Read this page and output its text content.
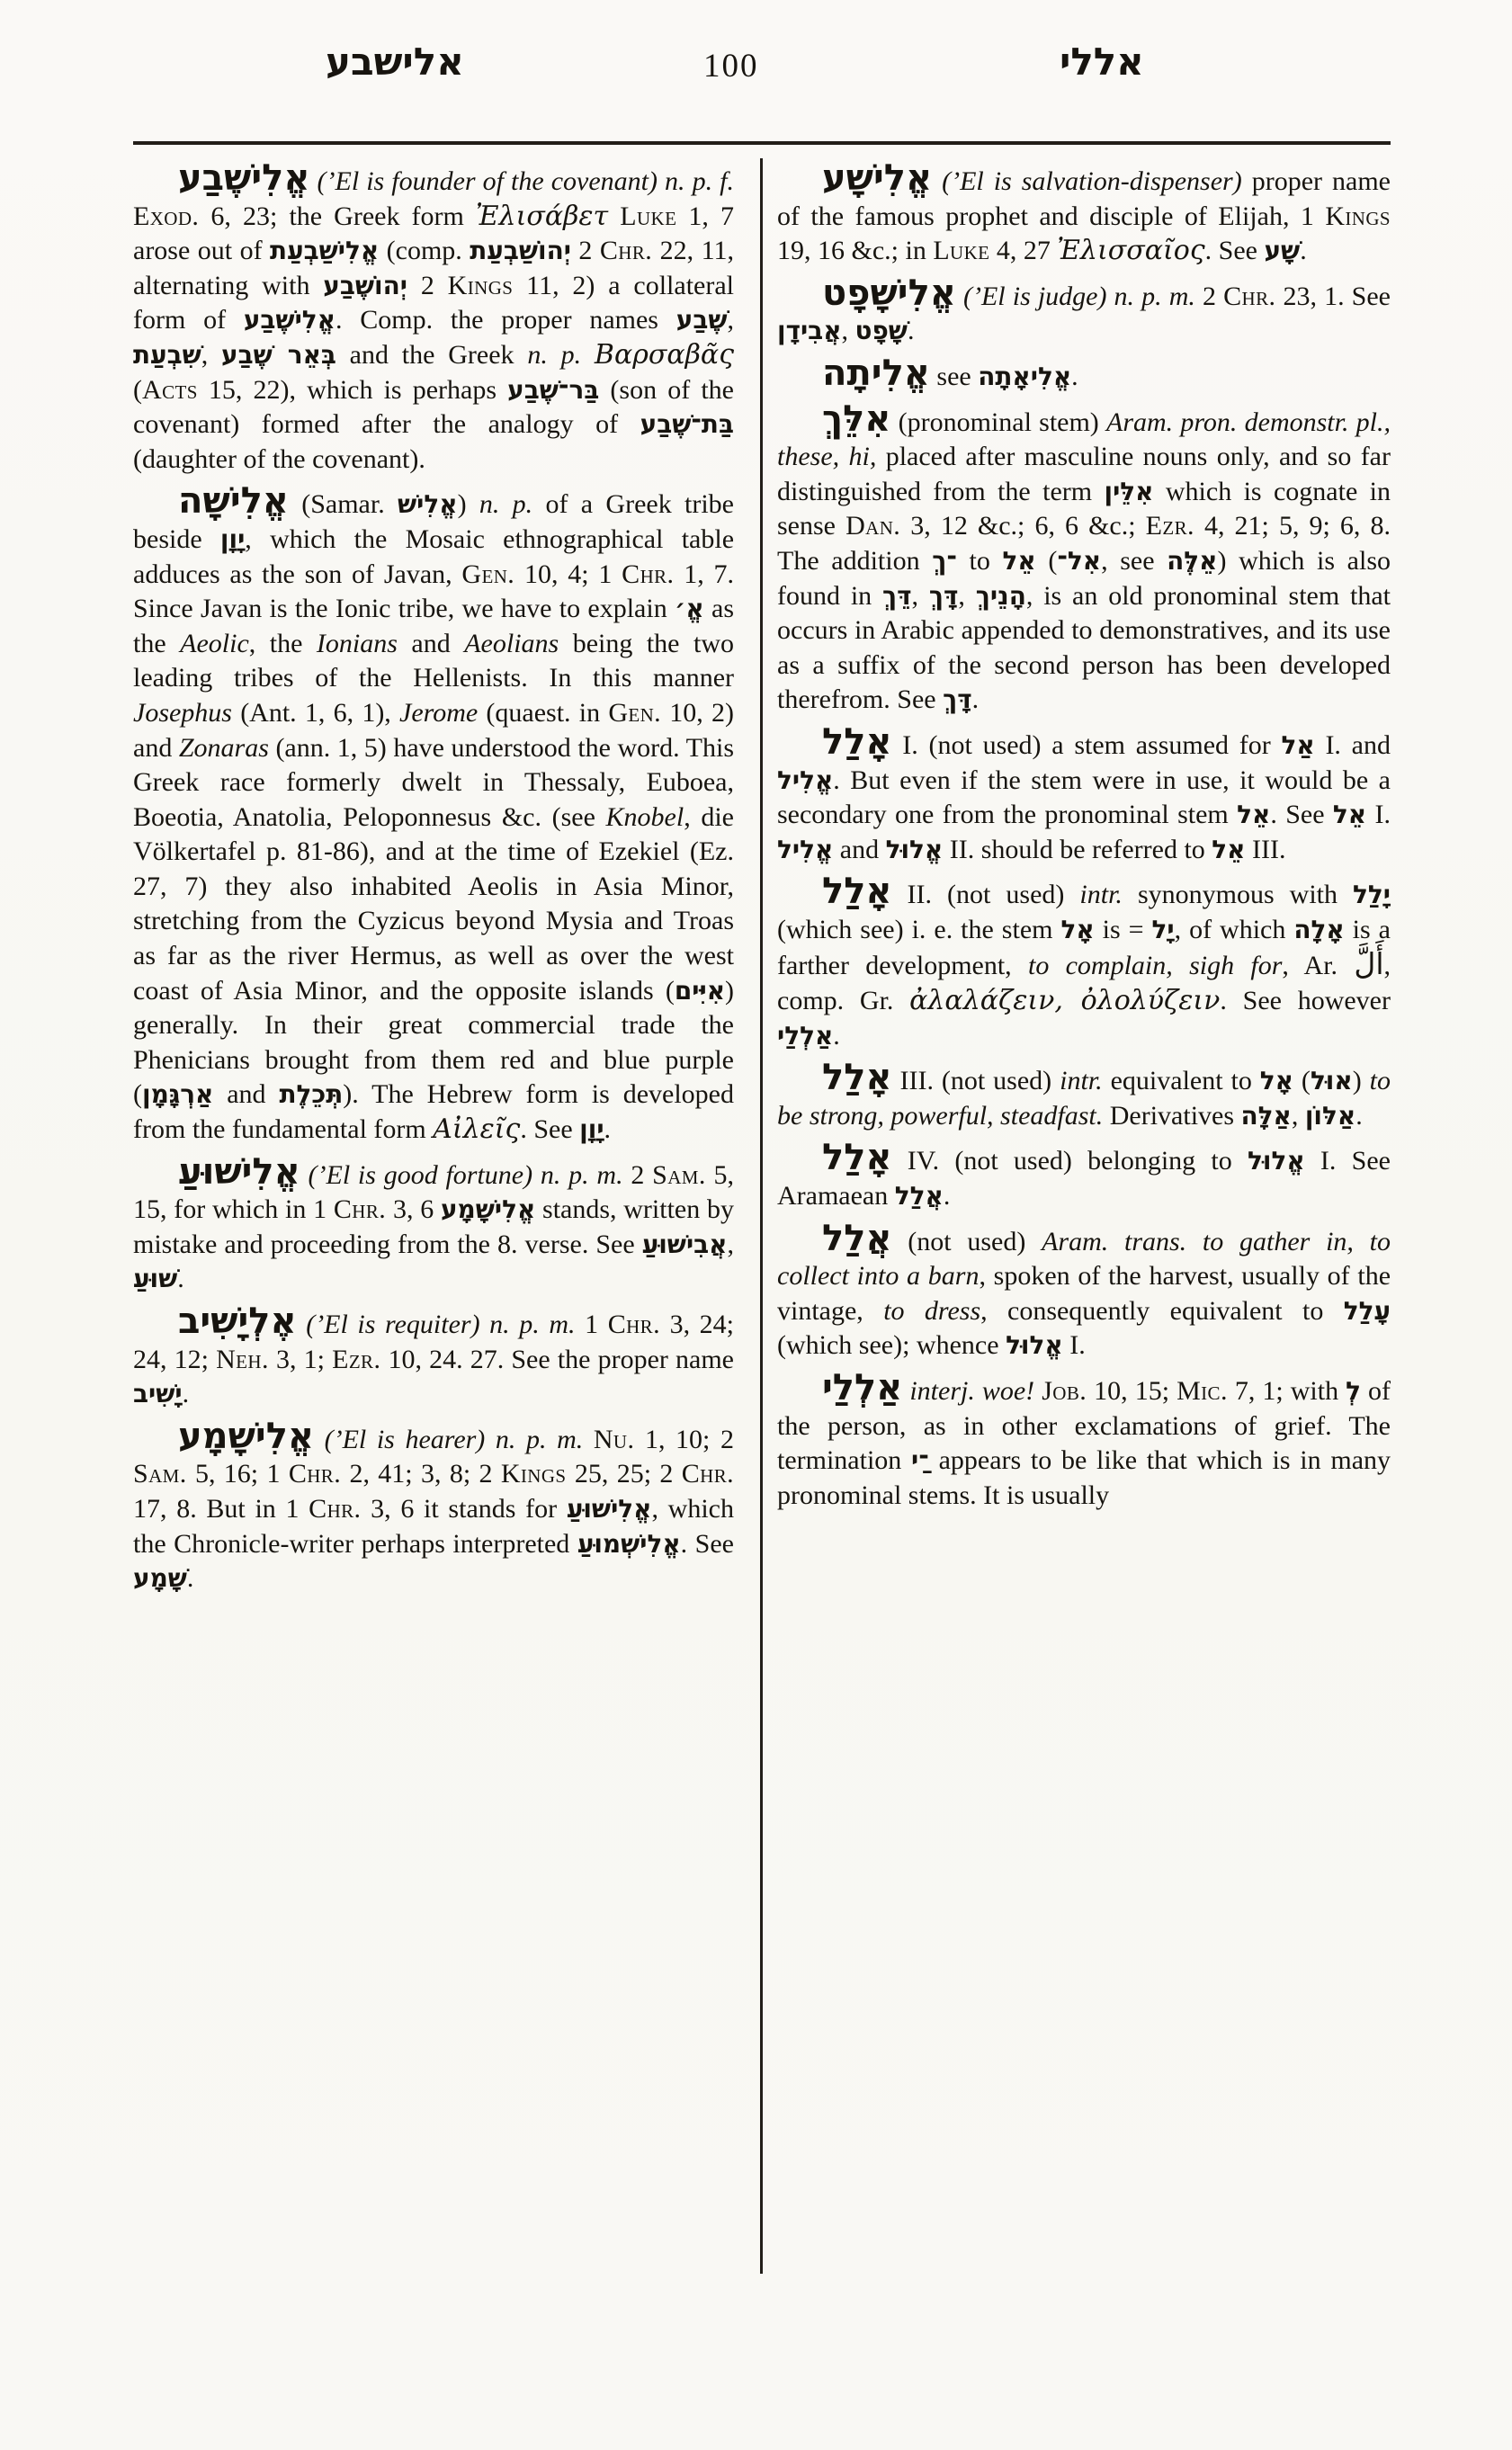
אלישבע	100	אללי

אֱלִישֶׁבַע (’El is founder of the covenant) n. p. f. Exod. 6, 23; the Greek form Ἐλισάβετ Luke 1, 7 arose out of אֱלִישַׁבְעַת (comp. יְהוֹשַׁבְעַת 2 Chr. 22, 11, alternating with יְהוֹשֶׁבַע 2 Kings 11, 2) a collateral form of אֱלִישֶׁבַע. Comp. the proper names שֶׁבַע, שִׁבְעַת, בְּאֵר שֶׁבַע and the Greek n. p. Βαρσαβᾶς (Acts 15, 22), which is perhaps בַּר־שֶׁבַע (son of the covenant) formed after the analogy of בַּת־שֶׁבַע (daughter of the covenant).

אֱלִישָׁה (Samar. אֱלִישׁ) n. p. of a Greek tribe beside יָוָן, which the Mosaic ethnographical table adduces as the son of Javan, Gen. 10, 4; 1 Chr. 1, 7. Since Javan is the Ionic tribe, we have to explain אֱ׳ as the Aeolic, the Ionians and Aeolians being the two leading tribes of the Hellenists. In this manner Josephus (Ant. 1, 6, 1), Jerome (quaest. in Gen. 10, 2) and Zonaras (ann. 1, 5) have understood the word. This Greek race formerly dwelt in Thessaly, Euboea, Boeotia, Anatolia, Peloponnesus &c. (see Knobel, die Völkertafel p. 81-86), and at the time of Ezekiel (Ez. 27, 7) they also inhabited Aeolis in Asia Minor, stretching from the Cyzicus beyond Mysia and Troas as far as the river Hermus, as well as over the west coast of Asia Minor, and the opposite islands (אִיִּים) generally. In their great commercial trade the Phenicians brought from them red and blue purple (אַרְגָּמָן and תְּכֵלֶת). The Hebrew form is developed from the fundamental form Αἰλεῖς. See יָוָן.

אֱלִישׁוּעַ (’El is good fortune) n. p. m. 2 Sam. 5, 15, for which in 1 Chr. 3, 6 אֱלִישָׁמָע stands, written by mistake and proceeding from the 8. verse. See אֲבִישׁוּעַ, שׁוּעַ.

אֶלְיָשִׁיב (’El is requiter) n. p. m. 1 Chr. 3, 24; 24, 12; Neh. 3, 1; Ezr. 10, 24. 27. See the proper name יָשִׁיב.

אֱלִישָׁמָע (’El is hearer) n. p. m. Nu. 1, 10; 2 Sam. 5, 16; 1 Chr. 2, 41; 3, 8; 2 Kings 25, 25; 2 Chr. 17, 8. But in 1 Chr. 3, 6 it stands for אֱלִישׁוּעַ, which the Chronicle-writer perhaps interpreted אֱלִישְׁמוּעַ. See שָׁמָע.

אֱלִישָׁע (’El is salvation-dispenser) proper name of the famous prophet and disciple of Elijah, 1 Kings 19, 16 &c.; in Luke 4, 27 Ἐλισσαῖος. See שָׁע.

אֱלִישָׁפָט (’El is judge) n. p. m. 2 Chr. 23, 1. See אֲבִידָן, שָׁפָט.

אֱלִיתָה see אֱלִיאָתָה.

אִלֵּךְ (pronominal stem) Aram. pron. demonstr. pl., these, hi, placed after masculine nouns only, and so far distinguished from the term אִלֵּין which is cognate in sense Dan. 3, 12 &c.; 6, 6 &c.; Ezr. 4, 21; 5, 9; 6, 8. The addition ־ךְ to אֵל (אִל־, see אֵלֶּה) which is also found in דֵּךְ, דָּךְ, הָנֵיךְ, is an old pronominal stem that occurs in Arabic appended to demonstratives, and its use as a suffix of the second person has been developed therefrom. See דָּךְ.

אָלַל I. (not used) a stem assumed for אַל I. and אֱלִיל. But even if the stem were in use, it would be a secondary one from the pronominal stem אֵל. See אֵל I. אֱלִיל and אֱלוּל II. should be referred to אֵל III.

אָלַל II. (not used) intr. synonymous with יָלַל (which see) i. e. the stem אָל is = יָל, of which אָלָה is a farther development, to complain, sigh for, Ar. أَلَّ, comp. Gr. ἀλαλάζειν, ὀλολύζειν. See however אַלְלַי.

אָלַל III. (not used) intr. equivalent to אָל (אוּל) to be strong, powerful, steadfast. Derivatives אַלָּה, אַלּוֹן.

אָלַל IV. (not used) belonging to אֱלוּל I. See Aramaean אֲלַל.

אֲלַל (not used) Aram. trans. to gather in, to collect into a barn, spoken of the harvest, usually of the vintage, to dress, consequently equivalent to עָלַל (which see); whence אֱלוּל I.

אַלְלַי interj. woe! Job. 10, 15; Mic. 7, 1; with לְ of the person, as in other exclamations of grief. The termination ־ַי appears to be like that which is in many pronominal stems. It is usually
